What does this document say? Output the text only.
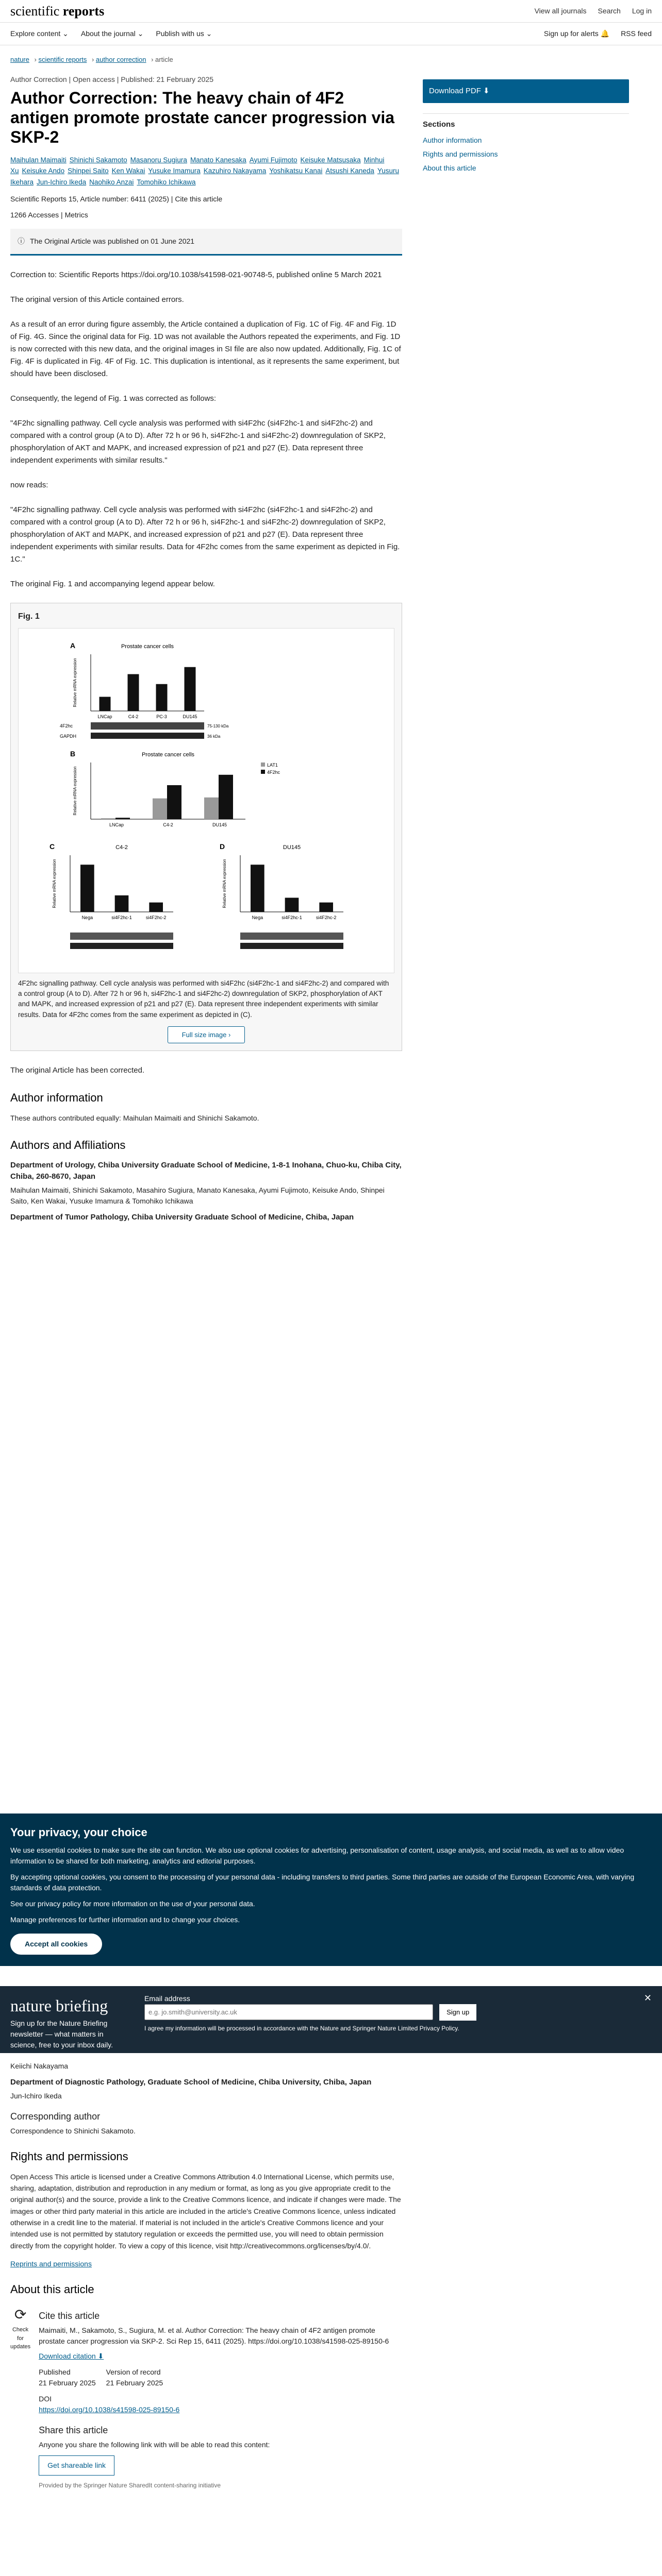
scientific reports	View all journals Search Log in
Explore content ⌄ About the journal ⌄ Publish with us ⌄	Sign up for alerts 🔔 RSS feed
nature › scientific reports › author correction › article
Author Correction | Open access | Published: 21 February 2025
Author Correction: The heavy chain of 4F2 antigen promote prostate cancer progression via SKP-2
Maihulan Maimaiti Shinichi Sakamoto Masanoru Sugiura Manato Kanesaka Ayumi Fujimoto Keisuke Matsusaka Minhui Xu Keisuke Ando Shinpei Saito Ken Wakai Yusuke Imamura Kazuhiro Nakayama Yoshikatsu Kanai Atsushi Kaneda Yusuru Ikehara Jun-Ichiro Ikeda Naohiko Anzai Tomohiko Ichikawa
Scientific Reports 15, Article number: 6411 (2025) | Cite this article
1266 Accesses | Metrics
ⓘ The Original Article was published on 01 June 2021

Correction to: Scientific Reports https://doi.org/10.1038/s41598-021-90748-5, published online 5 March 2021

The original version of this Article contained errors.

As a result of an error during figure assembly, the Article contained a duplication of Fig. 1C of Fig. 4F and Fig. 1D of Fig. 4G. Since the original data for Fig. 1D was not available the Authors repeated the experiments, and Fig. 1D is now corrected with this new data, and the original images in SI file are also now updated. Additionally, Fig. 1C of Fig. 4F is duplicated in Fig. 4F of Fig. 1C. This duplication is intentional, as it represents the same experiment, but should have been disclosed.

Consequently, the legend of Fig. 1 was corrected as follows:

"4F2hc signalling pathway. Cell cycle analysis was performed with si4F2hc (si4F2hc-1 and si4F2hc-2) and compared with a control group (A to D). After 72 h or 96 h, si4F2hc-1 and si4F2hc-2) downregulation of SKP2, phosphorylation of AKT and MAPK, and increased expression of p21 and p27 (E). Data represent three independent experiments with similar results."

now reads:

"4F2hc signalling pathway. Cell cycle analysis was performed with si4F2hc (si4F2hc-1 and si4F2hc-2) and compared with a control group (A to D). After 72 h or 96 h, si4F2hc-1 and si4F2hc-2) downregulation of SKP2, phosphorylation of AKT and MAPK, and increased expression of p21 and p27 (E). Data represent three independent experiments with similar results. Data for 4F2hc comes from the same experiment as depicted in Fig. 1C."

The original Fig. 1 and accompanying legend appear below.

Fig. 1
A	Prostate cancer cells
LNCap	C4-2	PC-3	DU145
Relative mRNA expression
4F2hc	75-130 kDa
GAPDH	36 kDa
B	Prostate cancer cells
LNCap	C4-2	DU145
Relative mRNA expression
LAT1
4F2hc
C	C4-2
Nega	si4F2hc-1	si4F2hc-2
Relative mRNA expression
D	DU145
Nega	si4F2hc-1	si4F2hc-2
Relative mRNA expression
4F2hc signalling pathway. Cell cycle analysis was performed with si4F2hc (si4F2hc-1 and si4F2hc-2) and compared with a control group (A to D). After 72 h or 96 h, si4F2hc-1 and si4F2hc-2) downregulation of SKP2, phosphorylation of AKT and MAPK, and increased expression of p21 and p27 (E). Data represent three independent experiments with similar results. Data for 4F2hc comes from the same experiment as depicted in (C).
Full size image ›

The original Article has been corrected.

Author information

These authors contributed equally: Maihulan Maimaiti and Shinichi Sakamoto.

Authors and Affiliations
Department of Urology, Chiba University Graduate School of Medicine, 1-8-1 Inohana, Chuo-ku, Chiba City, Chiba, 260-8670, Japan

Maihulan Maimaiti, Shinichi Sakamoto, Masahiro Sugiura, Manato Kanesaka, Ayumi Fujimoto, Keisuke Ando, Shinpei Saito, Ken Wakai, Yusuke Imamura & Tomohiko Ichikawa

Department of Tumor Pathology, Chiba University Graduate School of Medicine, Chiba, Japan
Download PDF ⬇
Sections
Author information
Rights and permissions
About this article
Your privacy, your choice

We use essential cookies to make sure the site can function. We also use optional cookies for advertising, personalisation of content, usage analysis, and social media, as well as to allow video information to be shared for both marketing, analytics and editorial purposes.

By accepting optional cookies, you consent to the processing of your personal data - including transfers to third parties. Some third parties are outside of the European Economic Area, with varying standards of data protection.

See our privacy policy for more information on the use of your personal data.

Manage preferences for further information and to change your choices.

Accept all cookies
nature briefing
Sign up for the Nature Briefing newsletter — what matters in science, free to your inbox daily.
Email address
e.g. jo.smith@university.ac.uk Sign up
I agree my information will be processed in accordance with the Nature and Springer Nature Limited Privacy Policy.
✕

Keiichi Nakayama

Department of Diagnostic Pathology, Graduate School of Medicine, Chiba University, Chiba, Japan

Jun-Ichiro Ikeda

Corresponding author

Correspondence to Shinichi Sakamoto.

Rights and permissions

Open Access This article is licensed under a Creative Commons Attribution 4.0 International License, which permits use, sharing, adaptation, distribution and reproduction in any medium or format, as long as you give appropriate credit to the original author(s) and the source, provide a link to the Creative Commons licence, and indicate if changes were made. The images or other third party material in this article are included in the article's Creative Commons licence, unless indicated otherwise in a credit line to the material. If material is not included in the article's Creative Commons licence and your intended use is not permitted by statutory regulation or exceeds the permitted use, you will need to obtain permission directly from the copyright holder. To view a copy of this licence, visit http://creativecommons.org/licenses/by/4.0/.

Reprints and permissions

About this article
⟳
Check for updates
Cite this article

Maimaiti, M., Sakamoto, S., Sugiura, M. et al. Author Correction: The heavy chain of 4F2 antigen promote prostate cancer progression via SKP-2. Sci Rep 15, 6411 (2025). https://doi.org/10.1038/s41598-025-89150-6

Download citation ⬇

Published
21 February 2025
Version of record
21 February 2025
DOI
https://doi.org/10.1038/s41598-025-89150-6
Share this article

Anyone you share the following link with will be able to read this content:

Get shareable link

Provided by the Springer Nature SharedIt content-sharing initiative
